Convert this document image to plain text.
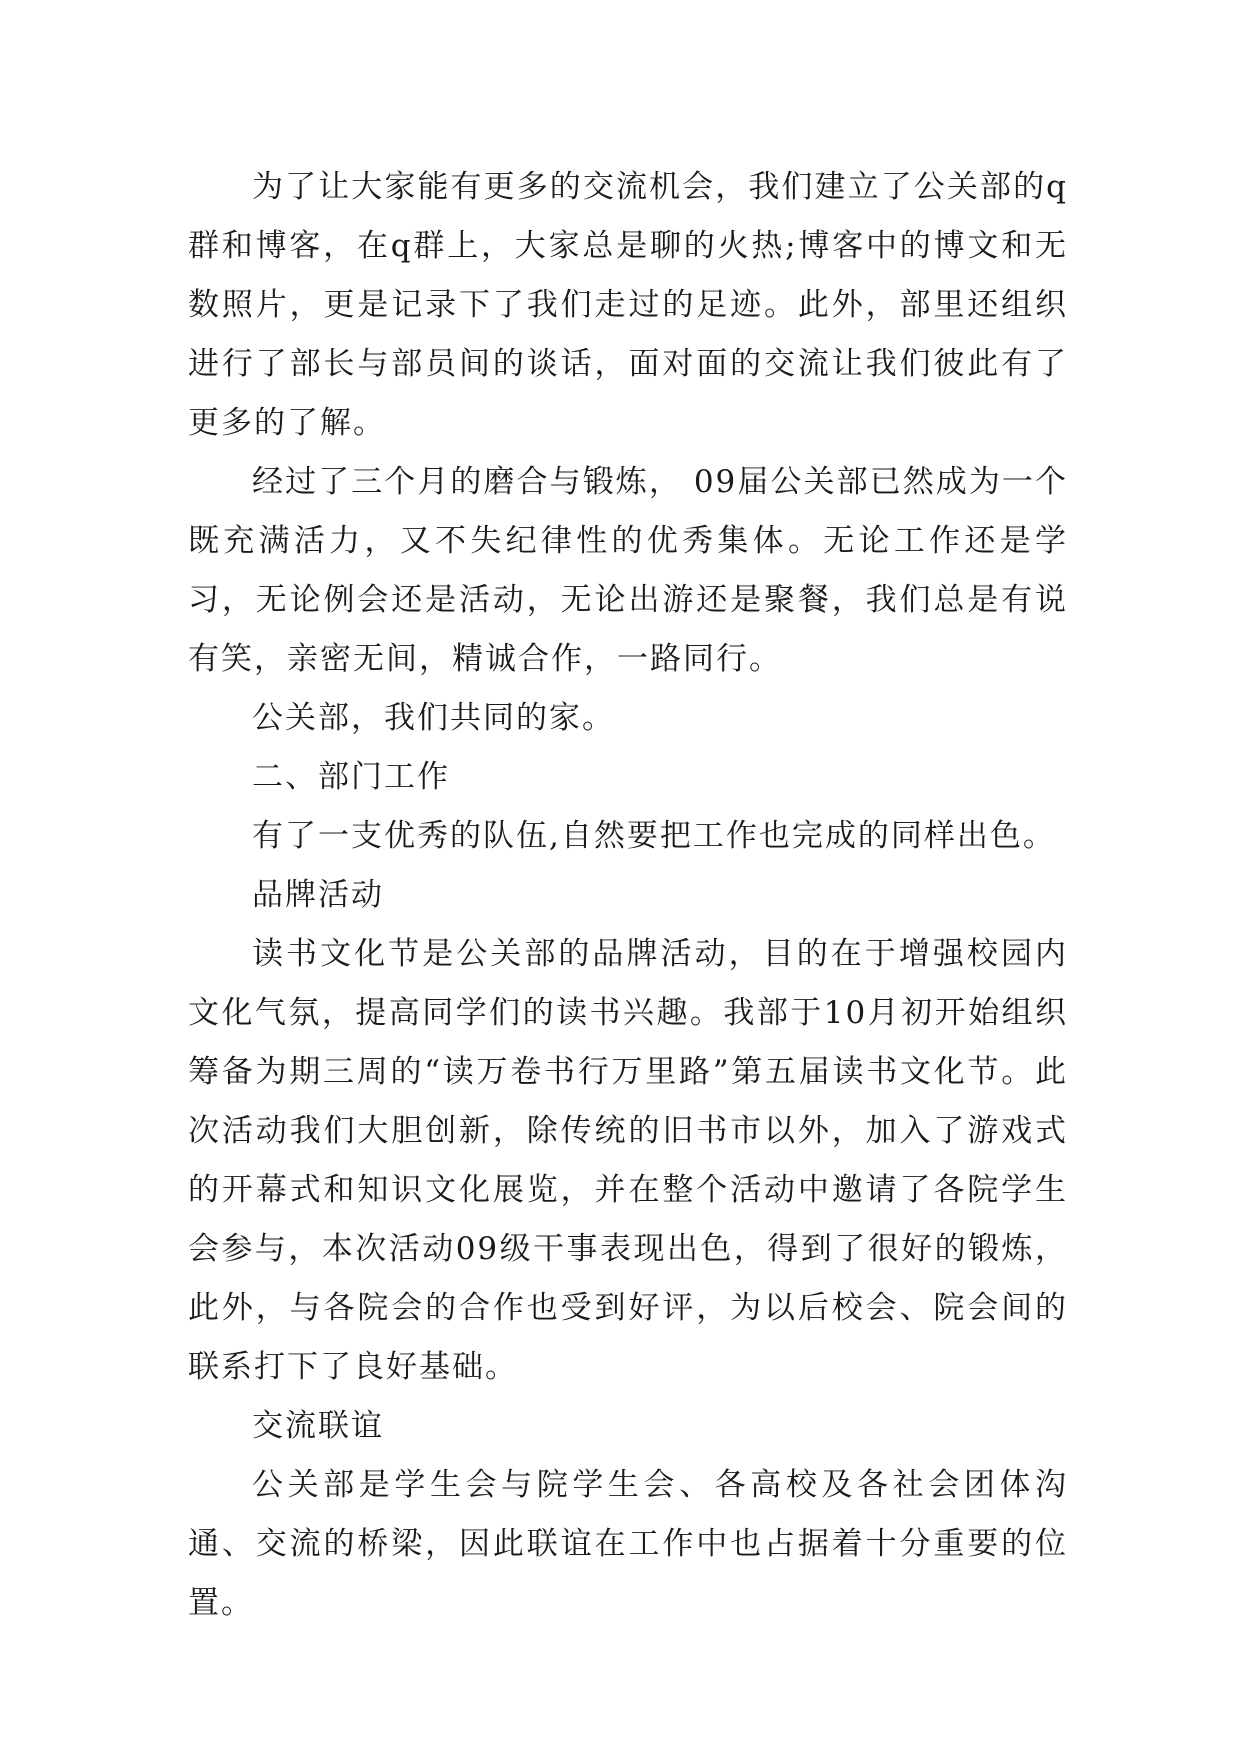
为了让大家能有更多的交流机会，我们建立了公关部的q群和博客，在q群上，大家总是聊的火热;博客中的博文和无数照片，更是记录下了我们走过的足迹。此外，部里还组织进行了部长与部员间的谈话，面对面的交流让我们彼此有了更多的了解。

经过了三个月的磨合与锻炼， 09届公关部已然成为一个既充满活力，又不失纪律性的优秀集体。无论工作还是学习，无论例会还是活动，无论出游还是聚餐，我们总是有说有笑，亲密无间，精诚合作，一路同行。

公关部，我们共同的家。

二、部门工作

有了一支优秀的队伍,自然要把工作也完成的同样出色。

品牌活动

读书文化节是公关部的品牌活动，目的在于增强校园内文化气氛，提高同学们的读书兴趣。我部于10月初开始组织筹备为期三周的“读万卷书行万里路”第五届读书文化节。此次活动我们大胆创新，除传统的旧书市以外，加入了游戏式的开幕式和知识文化展览，并在整个活动中邀请了各院学生会参与，本次活动09级干事表现出色，得到了很好的锻炼，此外，与各院会的合作也受到好评，为以后校会、院会间的联系打下了良好基础。

交流联谊

公关部是学生会与院学生会、各高校及各社会团体沟通、交流的桥梁，因此联谊在工作中也占据着十分重要的位置。
